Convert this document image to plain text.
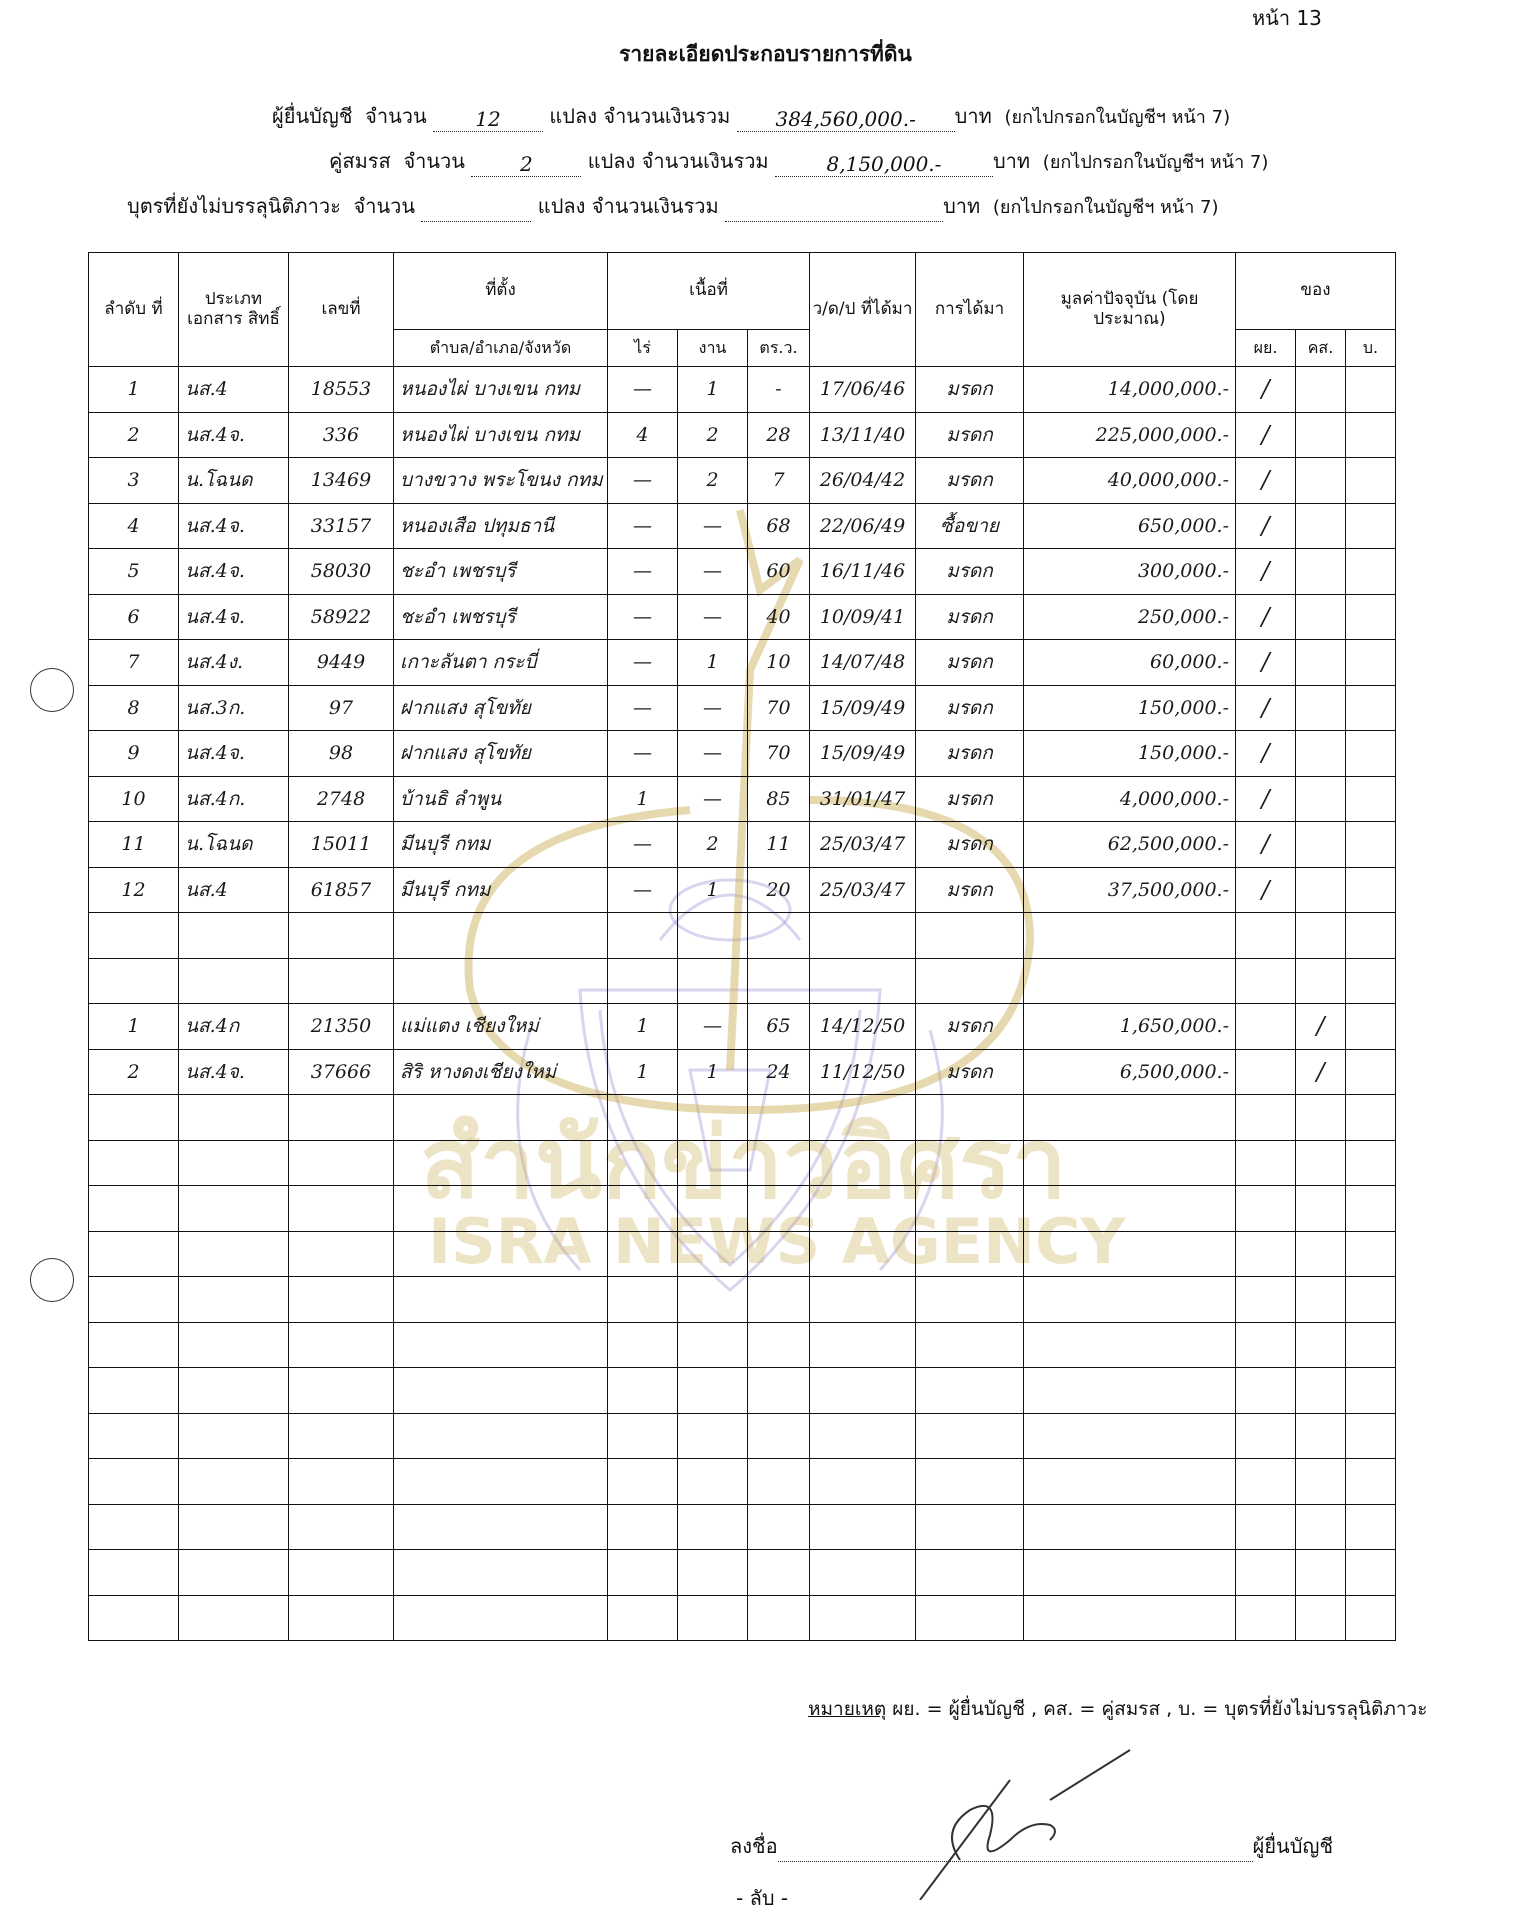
สำนักข่าวอิศรา
ISRA NEWS AGENCY
หน้า 13
รายละเอียดประกอบรายการที่ดิน
ผู้ยื่นบัญชี จำนวน 12 แปลง จำนวนเงินรวม 384,560,000.- บาท (ยกไปกรอกในบัญชีฯ หน้า 7)
คู่สมรส จำนวน	2	แปลง จำนวนเงินรวม	8,150,000.-	บาท (ยกไปกรอกในบัญชีฯ หน้า 7)
บุตรที่ยังไม่บรรลุนิติภาวะ จำนวน	แปลง จำนวนเงินรวม	บาท (ยกไปกรอกในบัญชีฯ หน้า 7)
ลำดับ ที่	ประเภท เอกสาร สิทธิ์	เลขที่	ที่ตั้ง	เนื้อที่			ว/ด/ป ที่ได้มา	การได้มา	มูลค่าปัจจุบัน (โดยประมาณ)	ของ		
			ตำบล/อำเภอ/จังหวัด	ไร่	งาน	ตร.ว.				ผย.	คส.	บ.
1	นส.4	18553	หนองไผ่ บางเขน กทม	—	1	-	17/06/46	มรดก	14,000,000.-	/		
2	นส.4จ.	336	หนองไผ่ บางเขน กทม	4	2	28	13/11/40	มรดก	225,000,000.-	/		
3	น.โฉนด	13469	บางขวาง พระโขนง กทม	—	2	7	26/04/42	มรดก	40,000,000.-	/		
4	นส.4จ.	33157	หนองเสือ ปทุมธานี	—	—	68	22/06/49	ซื้อขาย	650,000.-	/		
5	นส.4จ.	58030	ชะอำ เพชรบุรี	—	—	60	16/11/46	มรดก	300,000.-	/		
6	นส.4จ.	58922	ชะอำ เพชรบุรี	—	—	40	10/09/41	มรดก	250,000.-	/		
7	นส.4ง.	9449	เกาะลันตา กระบี่	—	1	10	14/07/48	มรดก	60,000.-	/		
8	นส.3ก.	97	ฝากแสง สุโขทัย	—	—	70	15/09/49	มรดก	150,000.-	/		
9	นส.4จ.	98	ฝากแสง สุโขทัย	—	—	70	15/09/49	มรดก	150,000.-	/		
10	นส.4ก.	2748	บ้านธิ ลำพูน	1	—	85	31/01/47	มรดก	4,000,000.-	/		
11	น.โฉนด	15011	มีนบุรี กทม	—	2	11	25/03/47	มรดก	62,500,000.-	/		
12	นส.4	61857	มีนบุรี กทม	—	1	20	25/03/47	มรดก	37,500,000.-	/		

1	นส.4ก	21350	แม่แตง เชียงใหม่	1	—	65	14/12/50	มรดก	1,650,000.-		/	
2	นส.4จ.	37666	สิริ หางดงเชียงใหม่	1	1	24	11/12/50	มรดก	6,500,000.-		/	

หมายเหตุ ผย. = ผู้ยื่นบัญชี , คส. = คู่สมรส , บ. = บุตรที่ยังไม่บรรลุนิติภาวะ
ลงชื่อ	ผู้ยื่นบัญชี
- ลับ -
